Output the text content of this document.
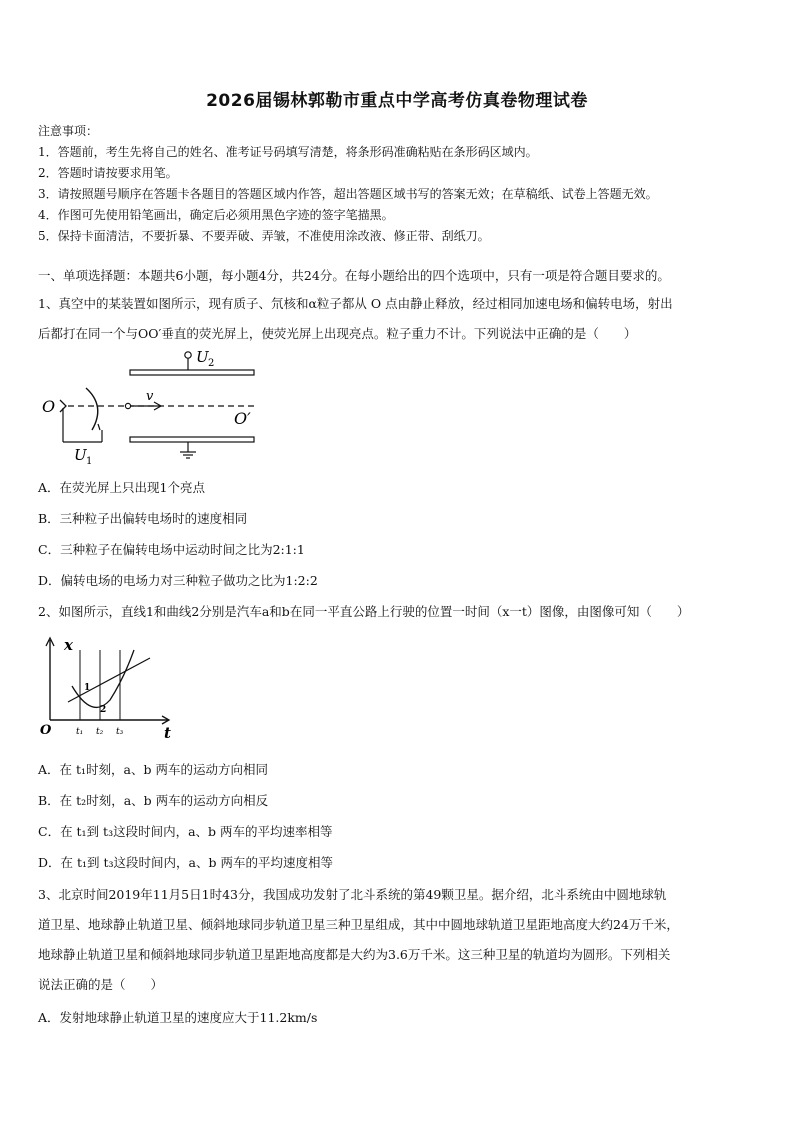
2026届锡林郭勒市重点中学高考仿真卷物理试卷
注意事项：
1．答题前，考生先将自己的姓名、准考证号码填写清楚，将条形码准确粘贴在条形码区域内。
2．答题时请按要求用笔。
3．请按照题号顺序在答题卡各题目的答题区域内作答，超出答题区域书写的答案无效；在草稿纸、试卷上答题无效。
4．作图可先使用铅笔画出，确定后必须用黑色字迹的签字笔描黑。
5．保持卡面清洁，不要折暴、不要弄破、弄皱，不准使用涂改液、修正带、刮纸刀。
一、单项选择题：本题共6小题，每小题4分，共24分。在每小题给出的四个选项中，只有一项是符合题目要求的。
1、真空中的某装置如图所示，现有质子、氘核和α粒子都从 O 点由静止释放，经过相同加速电场和偏转电场，射出
后都打在同一个与OO′垂直的荧光屏上，使荧光屏上出现亮点。粒子重力不计。下列说法中正确的是（　　）
U 2
O
v
O′
U 1
A．在荧光屏上只出现1个亮点
B．三种粒子出偏转电场时的速度相同
C．三种粒子在偏转电场中运动时间之比为2:1:1
D．偏转电场的电场力对三种粒子做功之比为1:2:2
2、如图所示，直线1和曲线2分别是汽车a和b在同一平直公路上行驶的位置一时间（x一t）图像，由图像可知（　　）
x
t
O	t₁ t₂ t₃
1
2
A．在 t₁时刻，a、b 两车的运动方向相同
B．在 t₂时刻，a、b 两车的运动方向相反
C．在 t₁到 t₃这段时间内，a、b 两车的平均速率相等
D．在 t₁到 t₃这段时间内，a、b 两车的平均速度相等
3、北京时间2019年11月5日1时43分，我国成功发射了北斗系统的第49颗卫星。据介绍，北斗系统由中圆地球轨
道卫星、地球静止轨道卫星、倾斜地球同步轨道卫星三种卫星组成，其中中圆地球轨道卫星距地高度大约24万千米，
地球静止轨道卫星和倾斜地球同步轨道卫星距地高度都是大约为3.6万千米。这三种卫星的轨道均为圆形。下列相关
说法正确的是（　　）
A．发射地球静止轨道卫星的速度应大于11.2km/s
